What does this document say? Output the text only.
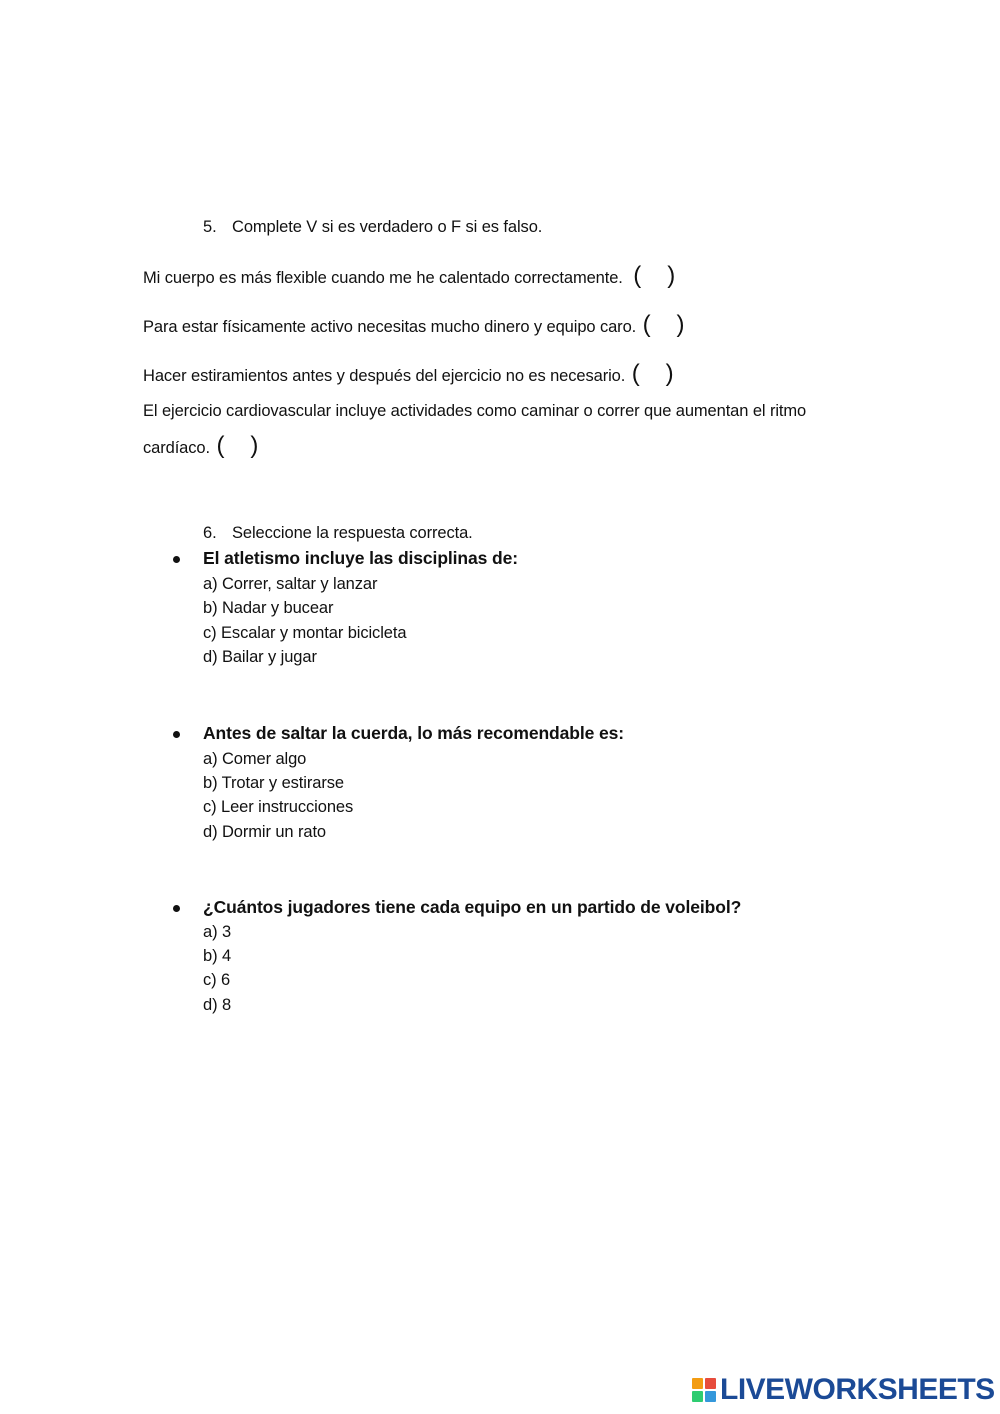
5. Complete V si es verdadero o F si es falso.
Mi cuerpo es más flexible cuando me he calentado correctamente. ( )
Para estar físicamente activo necesitas mucho dinero y equipo caro. ( )
Hacer estiramientos antes y después del ejercicio no es necesario. ( )
El ejercicio cardiovascular incluye actividades como caminar o correr que aumentan el ritmo
cardíaco. ( )
6. Seleccione la respuesta correcta.
El atletismo incluye las disciplinas de:
a) Correr, saltar y lanzar
b) Nadar y bucear
c) Escalar y montar bicicleta
d) Bailar y jugar
Antes de saltar la cuerda, lo más recomendable es:
a) Comer algo
b) Trotar y estirarse
c) Leer instrucciones
d) Dormir un rato
¿Cuántos jugadores tiene cada equipo en un partido de voleibol?
a) 3
b) 4
c) 6
d) 8
LIVEWORKSHEETS
